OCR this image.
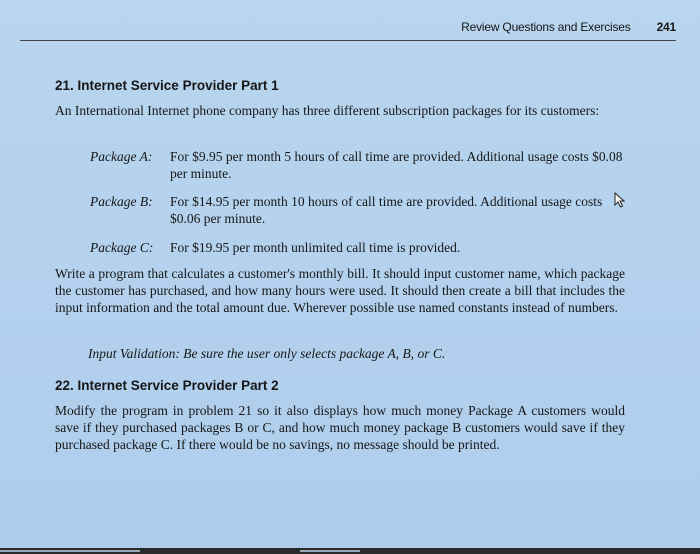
Review Questions and Exercises 241
21. Internet Service Provider Part 1
An International Internet phone company has three different subscription packages for its customers:
Package A:	For $9.95 per month 5 hours of call time are provided. Additional usage costs $0.08 per minute.
Package B:	For $14.95 per month 10 hours of call time are provided. Additional usage costs $0.06 per minute.
Package C:	For $19.95 per month unlimited call time is provided.
Write a program that calculates a customer's monthly bill. It should input customer name, which package the customer has purchased, and how many hours were used. It should then create a bill that includes the input information and the total amount due. Wherever possible use named constants instead of numbers.
Input Validation: Be sure the user only selects package A, B, or C.
22. Internet Service Provider Part 2
Modify the program in problem 21 so it also displays how much money Package A customers would save if they purchased packages B or C, and how much money package B customers would save if they purchased package C. If there would be no savings, no message should be printed.
